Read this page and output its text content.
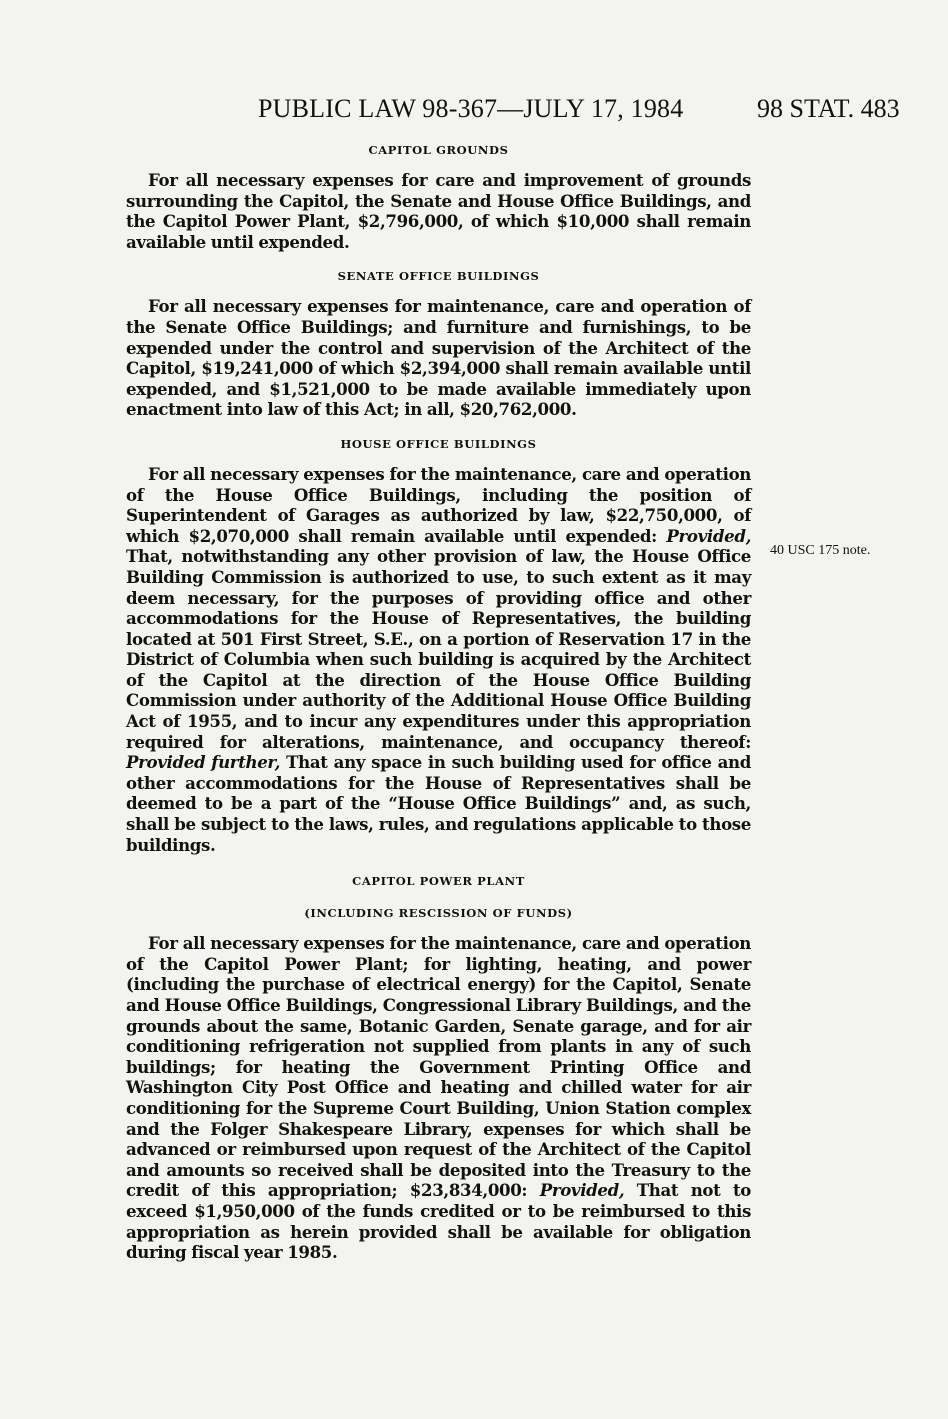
PUBLIC LAW 98-367—JULY 17, 1984	98 STAT. 483

CAPITOL GROUNDS

For all necessary expenses for care and improvement of grounds surrounding the Capitol, the Senate and House Office Buildings, and the Capitol Power Plant, $2,796,000, of which $10,000 shall remain available until expended.

SENATE OFFICE BUILDINGS

For all necessary expenses for maintenance, care and operation of the Senate Office Buildings; and furniture and furnishings, to be expended under the control and supervision of the Architect of the Capitol, $19,241,000 of which $2,394,000 shall remain available until expended, and $1,521,000 to be made available immediately upon enactment into law of this Act; in all, $20,762,000.

HOUSE OFFICE BUILDINGS

For all necessary expenses for the maintenance, care and operation of the House Office Buildings, including the position of Superintendent of Garages as authorized by law, $22,750,000, of which $2,070,000 shall remain available until expended: Provided, That, notwithstanding any other provision of law, the House Office Building Commission is authorized to use, to such extent as it may deem necessary, for the purposes of providing office and other accommodations for the House of Representatives, the building located at 501 First Street, S.E., on a portion of Reservation 17 in the District of Columbia when such building is acquired by the Architect of the Capitol at the direction of the House Office Building Commission under authority of the Additional House Office Building Act of 1955, and to incur any expenditures under this appropriation required for alterations, maintenance, and occupancy thereof: Provided further, That any space in such building used for office and other accommodations for the House of Representatives shall be deemed to be a part of the “House Office Buildings” and, as such, shall be subject to the laws, rules, and regulations applicable to those buildings.

CAPITOL POWER PLANT

(INCLUDING RESCISSION OF FUNDS)

For all necessary expenses for the maintenance, care and operation of the Capitol Power Plant; for lighting, heating, and power (including the purchase of electrical energy) for the Capitol, Senate and House Office Buildings, Congressional Library Buildings, and the grounds about the same, Botanic Garden, Senate garage, and for air conditioning refrigeration not supplied from plants in any of such buildings; for heating the Government Printing Office and Washington City Post Office and heating and chilled water for air conditioning for the Supreme Court Building, Union Station complex and the Folger Shakespeare Library, expenses for which shall be advanced or reimbursed upon request of the Architect of the Capitol and amounts so received shall be deposited into the Treasury to the credit of this appropriation; $23,834,000: Provided, That not to exceed $1,950,000 of the funds credited or to be reimbursed to this appropriation as herein provided shall be available for obligation during fiscal year 1985.

40 USC 175 note.
